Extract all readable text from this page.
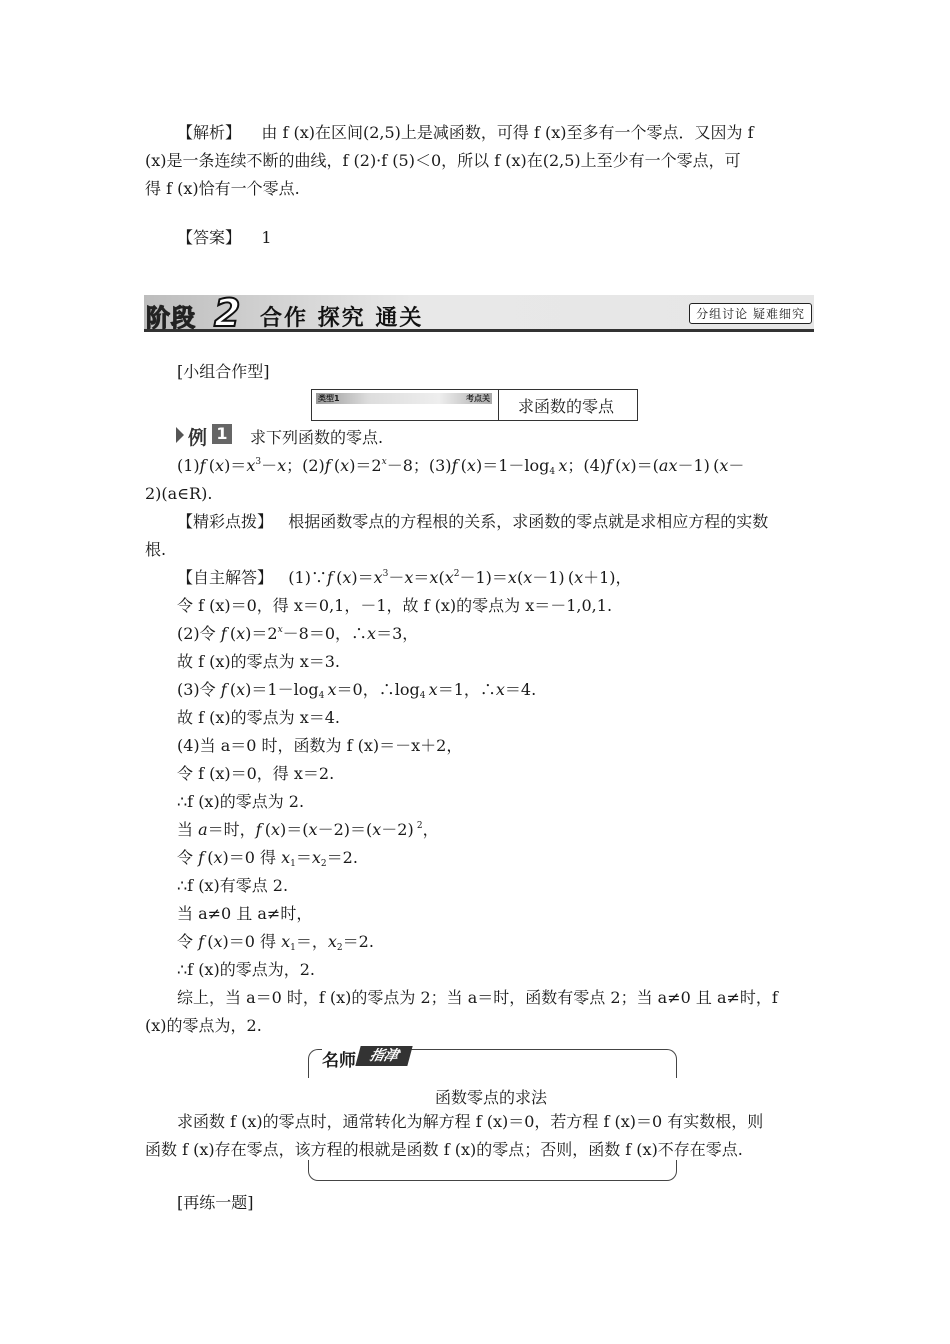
【解析】 由 f (x)在区间(2,5)上是减函数，可得 f (x)至多有一个零点．又因为 f
(x)是一条连续不断的曲线，f (2)·f (5)＜0，所以 f (x)在(2,5)上至少有一个零点，可
得 f (x)恰有一个零点.
【答案】 1
阶段 2 合作 探究 通关	分组讨论 疑难细究
[小组合作型]
类型1	考点关 求函数的零点
例 1 求下列函数的零点.
(1)f $(x)=x^3-x$；(2)f $(x)=2^x-8$；(3)f $(x)=1-\log_4$  x；(4)f (x)＝(ax－1) (x－
2)(a∈R).
【精彩点拨】 根据函数零点的方程根的关系，求函数的零点就是求相应方程的实数
根.
【自主解答】   (1)∵f $(x)=x^3-x=x(x^2-1)=x(x-1)$ (x＋1)，
令 f (x)＝0，得 x＝0,1，－1，故 f (x)的零点为 x＝－1,0,1.
(2)令 f $(x)=2^x-8=0$，∴x＝3，
故 f (x)的零点为 x＝3.
(3)令 f $(x)=1-\log_4$  x＝0，$\therefore\log_4$  x＝1，∴x＝4.
故 f (x)的零点为 x＝4.
(4)当 a＝0 时，函数为 f (x)＝－x＋2，
令 f (x)＝0，得 x＝2.
∴f (x)的零点为 2.
当 a＝时，f (x)＝(x－2)＝(x－2) $^2$，
令 f (x)＝0 得 $x_1=x_2=2$.
∴f (x)有零点 2.
当 a≠0 且 a≠时，
令 f (x)＝0 得 $x_1=$，$x_2=2$.
∴f (x)的零点为，2.
综上，当 a＝0 时，f (x)的零点为 2；当 a＝时，函数有零点 2；当 a≠0 且 a≠时，f
(x)的零点为，2.
名师 指津
函数零点的求法
求函数 f (x)的零点时，通常转化为解方程 f (x)＝0，若方程 f (x)＝0 有实数根，则
函数 f (x)存在零点，该方程的根就是函数 f (x)的零点；否则，函数 f (x)不存在零点.
[再练一题]
